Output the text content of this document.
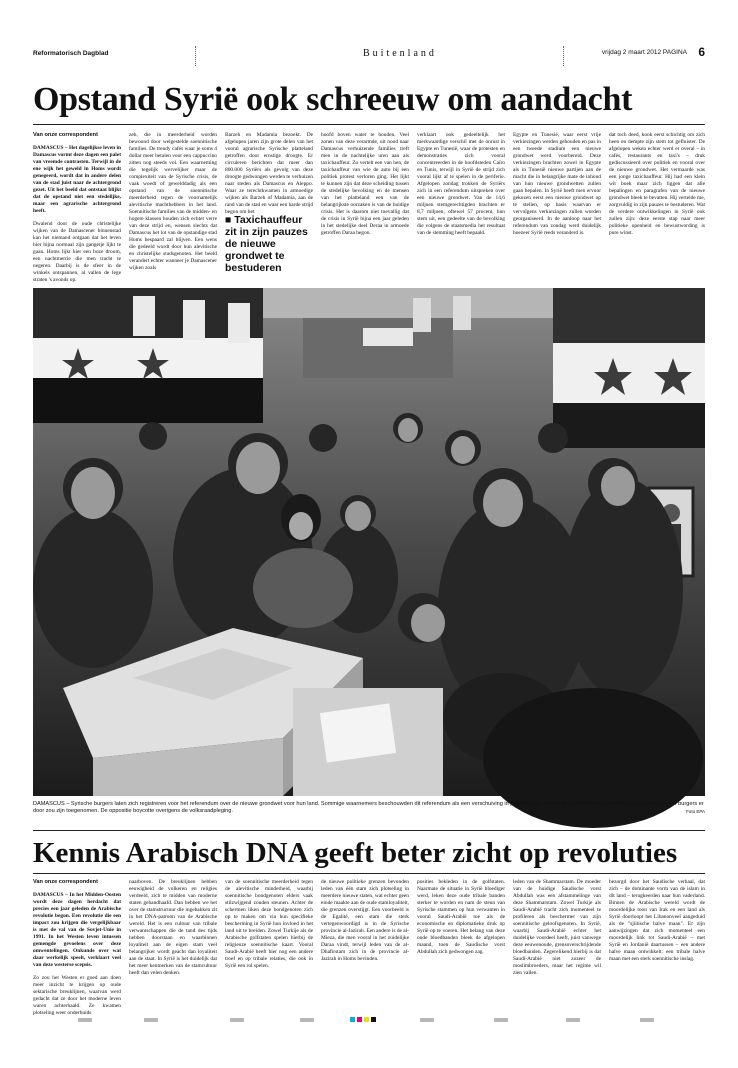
Reformatorisch Dagblad	Buitenland	vrijdag 2 maart 2012 PAGINA 6
Opstand Syrië ook schreeuw om aandacht
Van onze correspondent

DAMASCUS – Het dagelijkse leven in Damascus vormt deze dagen een palet van vreemde contrasten. Terwijl in de ene wijk het geweld in Homs wordt genegeerd, wordt dat in andere delen van de stad juist naar de achtergrond gezet. Uit het beeld dat ontstaat blijkt dat de opstand niet een stedelijke, maar een agrarische achtergrond heeft.

Dwalend door de oude christelijke wijken van de Damascener binnenstad kan het niemand ontgaan dat het leven hier bijna normaal zijn gangetje lijkt te gaan. Homs lijkt hier een boze droom, een nachtmerrie die men tracht te negeren. Daarbij is de sfeer in de winkels ontspannen, al vallen de lege straten 's avonds op.

zeh, die in meerderheid worden bewoond door welgestelde soennitische families. De trendy cafés waar je soms 4 dollar meer betalen voor een cappuccino zitten nog steeds vol. Een waarneming die tegelijk wervelijker maar de complexiteit van de Syrische crisis, de vaak woedt of gewelddadig als een opstand van de soennitische meerderheid tegen de voornamelijk alevitische machthebbers in het land. Soennitische families van de midden- en hogere klassen houden zich echter verre van deze strijd en, wensen slechts dat Damascus het lot van de opstandige stad Homs bespaard zal blijven. Een wens die gedeeld wordt door hun alevitische en christelijke stadsgenoten. Het beeld verandert echter wanneer je Damascener wijken zoals

Barzeh en Madamia bezoekt. De afgelopen jaren zijn grote delen van het vooral agrarische Syrische platteland getroffen door ernstige droogte. Er circuleren berichten dat meer dan 800.000 Syriërs als gevolg van deze droogte gedwongen werden te verhuizen naar steden als Damascus en Aleppo. Waar ze terechtkwamen in armoedige wijken als Barzeh of Madamia, aan de rand van de stad en waar een harde strijd begon om het

■ Taxichauffeur zit in zijn pauzes de nieuwe grondwet te bestuderen

hoofd boven water te houden. Veel zonen van deze verarmde, uit nood naar Damascus verhuizende families treft men in de nachtelijke uren aan als taxichauffeur. Zo vertelt een van hen, de taxichauffeur van wie de auto bij een politiek protest verloren ging. Het lijkt te kunnen zijn dat deze scheiding tussen de stedelijke bevolking en de mensen van het platteland een van de belangrijkste oorzaken is van de huidige crisis. Het is daarom niet toevallig dat de crisis in Syrië bijna een jaar geleden in het stedelijke deel Deraa in armoede getroffen Daraa begon.

verklaart ook gedeeltelijk het merkwaardige verschil met de onrust in Egypte en Tunesië, waar de protesten en demonstraties zich vooral concentreerden in de hoofdsteden Caïro en Tunis, terwijl in Syrië de strijd zich vooral lijkt af te spelen in de periferie. Afgelopen zondag trokken de Syriërs zich in een referendum uitspreken over een nieuwe grondwet. Van de 14,6 miljoen stemgerechtigden brachten er 8,7 miljoen, oftewel 57 procent, hun stem uit, een gedeelte van de bevolking die volgens de staatsmedia het resultaat van de stemming heeft bepaald.

Egypte en Tunesië, waar eerst vrije verkiezingen werden gehouden en pas in een tweede stadium een nieuwe grondwet werd voorbereid. Deze verkiezingen brachten zowel in Egypte als in Tunesië nieuwe partijen aan de macht die in belangrijke mate de inhoud van hun nieuwe grondwetten zullen gaan bepalen. In Syrië heeft men ervoor gekozen eerst een nieuwe grondwet op te stellen, op basis waarvan er vervolgens verkiezingen zullen worden georganiseerd. In de aanloop naar het referendum van zondag werd duidelijk hoezeer Syrië reeds veranderd is.

dat toch deed, kook eerst schichtig om zich heen en dempte zijn stem tot gefluister. De afgelopen weken echter werd er overal – in cafés, restaurants en taxi's – druk gediscussieerd over politiek en vooral over de nieuwe grondwet. Het vermaarde was een jonge taxichauffeur. Hij had een klein wit boek maar zich liggen dat alle bepalingen en paragrafen van de nieuwe grondwet bleek te bevatten. Hij vertelde me, zorgvuldig in zijn pauzes te bestuderen. Wat de verdere ontwikkelingen in Syrië ook zullen zijn: deze eerste stap naar meer politieke openheid en bewustwording is pure winst.

DAMASCUS – Syrische burgers laten zich registreren voor het referendum over de nieuwe grondwet voor hun land. Sommige waarnemers beschouwden dit referendum als een verschuiving in positieve zin, omdat de politieke bewustwording en openheid onder burgers er door zou zijn toegenomen. De oppositie boycotte overigens de volksraadpleging.	Foto EPA
Kennis Arabisch DNA geeft beter zicht op revoluties
Van onze correspondent

DAMASCUS – In het Midden-Oosten wordt deze dagen herdacht dat precies een jaar geleden de Arabische revolutie begon. Een revolutie die een impact zou krijgen die vergelijkbaar is met de val van de Sovjet-Unie in 1991. In het Westen leven intussen gemengde gevoelens over deze omwentelingen. Onkunde over wat daar werkelijk speelt, verklaart veel van deze westerse scepsis.

Zo zou het Westen er goed aan doen meer inzicht te krijgen op oude sektarische breuklijnen, waarvan werd gedacht dat ze door het moderne leven waren achterhaald. Ze kwamen plotseling weer onderhuids

naarboven. De breuklijnen hebben eeuwigheid de volkeren en religies verdeeld, zich te midden van moderne staten gehandhaafd. Dan hebben we het over de stamstructuur die ingebakken zit in het DNA-patroon van de Arabische wereld. Het is een cultuur van tribale verwantschappen die de tand des tijds hebben doorstaan en waarbinnen loyaliteit aan de eigen stam veel belangrijker wordt geacht dan loyaliteit aan de staat. In Syrië is het duidelijk dat het meer kenmerken van de stamcultuur heeft dan velen denken.

van de soennitische meerderheid tegen de alevitische minderheid, waarbij soennitische bondgenoten elders vaak stilzwijgend zouden steunen. Achter de schermen liken deze bondgenoten zich op te maken om via hun specifieke bescherming in Syrië hun invloed in het land uit te breiden. Zowel Turkije als de Arabische golfstaten spelen hierbij de religieuze soennitische kaart. Vooral Saudi-Arabië heeft hier nog een andere troef en op tribale relaties, die ook in Syrië een rol spelen.

de nieuwe politieke grenzen bevonden leden van één stam zich plotseling in meerdere nieuwe staten, wat echter geen einde maakte aan de oude stamloyaliteit, die grenzen overstijgt. Een voorbeeld is de Egalité, een stam die sterk vertegenwoordigd is in de Syrische provincie al-Jazirah. Een andere is de al-Mieza, die men vooral in het zuidelijke Daraa vindt, terwijl leden van de al-Dhafirstam zich in de provincie al-Jazirah in Homs bevinden.

posities bekleden in de golfstaten. Naarmate de situatie in Syrië bloediger werd, leken deze oude tribale banden sterker te worden en nam de steun van Syrische stammen op hun verwanten in vooral Saudi-Arabië toe als de economische en diplomatieke druk op Syrië op te voeren. Het belang van deze oude bloedbanden bleek de afgelopen maand, toen de Saudische vorst Abdullah zich gedwongen zag.

leden van de Shammarstam. De moeder van de huidige Saudische vorst Abdullah was een afstammelinge van deze Shammarstam. Zowel Turkije als Saudi-Arabië tracht zich momenteel te profileren als beschermer van zijn soennitische geloofsgenoten. In Syrië, waarbij Saudi-Arabië echter het duidelijke voordeel heeft, juist vanwege deze eeuwenoude, grensoverschrijdende bloedbanden. Zegerelikend hierbij is dat Saudi-Arabië niet zozeer de moslimbroeders, maar het regime wil zien vallen.

bezorgd door het Saudische verhaal, dat zich – de dominante vorm van de islam in dit land – terugkeerden naar hun vaderland. Binnen de Arabische wereld wordt de moordelijke toon van Irak en een land als Syrië doorloopt het Libanonveel aangeduid als de "sjiitische halve maan". Er zijn aanwijzingen dat zich momenteel een moordelijk link tot Saudi-Arabië – met Syrië en Jordanië daartussen – een andere halve maan ontwikkelt: een tribale halve maan met een sterk soennitische inslag.
